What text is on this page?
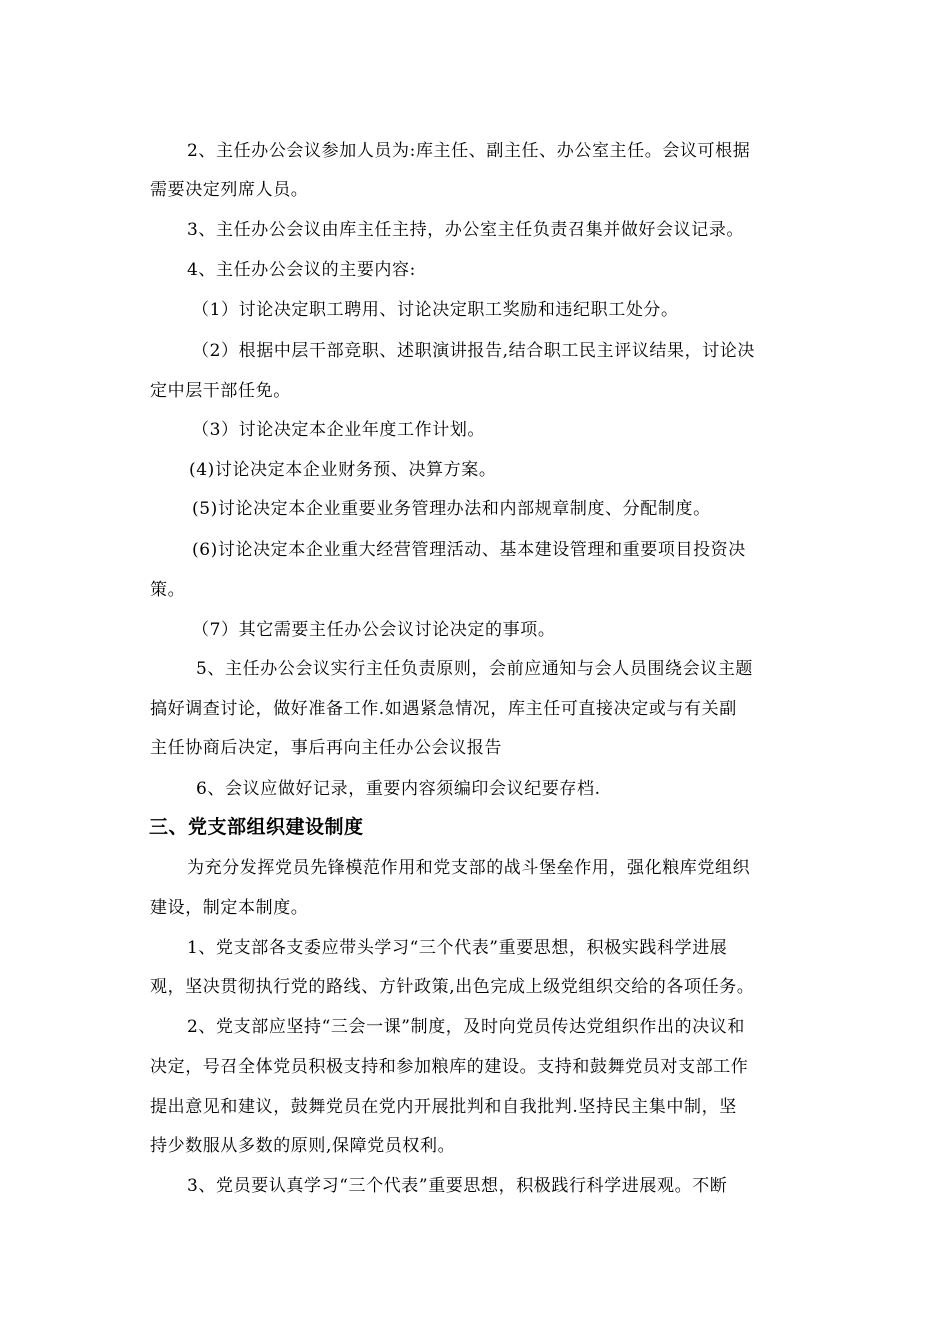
2、主任办公会议参加人员为:库主任、副主任、办公室主任。会议可根据
需要决定列席人员。
3、主任办公会议由库主任主持，办公室主任负责召集并做好会议记录。
4、主任办公会议的主要内容:
（1）讨论决定职工聘用、讨论决定职工奖励和违纪职工处分。
（2）根据中层干部竞职、述职演讲报告,结合职工民主评议结果，讨论决
定中层干部任免。
（3）讨论决定本企业年度工作计划。
(4)讨论决定本企业财务预、决算方案。
(5)讨论决定本企业重要业务管理办法和内部规章制度、分配制度。
(6)讨论决定本企业重大经营管理活动、基本建设管理和重要项目投资决
策。
（7）其它需要主任办公会议讨论决定的事项。
5、主任办公会议实行主任负责原则，会前应通知与会人员围绕会议主题
搞好调查讨论，做好准备工作.如遇紧急情况，库主任可直接决定或与有关副
主任协商后决定，事后再向主任办公会议报告
6、会议应做好记录，重要内容须编印会议纪要存档.
三、党支部组织建设制度
为充分发挥党员先锋模范作用和党支部的战斗堡垒作用，强化粮库党组织
建设，制定本制度。
1、党支部各支委应带头学习“三个代表”重要思想，积极实践科学进展
观，坚决贯彻执行党的路线、方针政策,出色完成上级党组织交给的各项任务。
2、党支部应坚持“三会一课”制度，及时向党员传达党组织作出的决议和
决定，号召全体党员积极支持和参加粮库的建设。支持和鼓舞党员对支部工作
提出意见和建议，鼓舞党员在党内开展批判和自我批判.坚持民主集中制，坚
持少数服从多数的原则,保障党员权利。
3、党员要认真学习“三个代表”重要思想，积极践行科学进展观。不断
